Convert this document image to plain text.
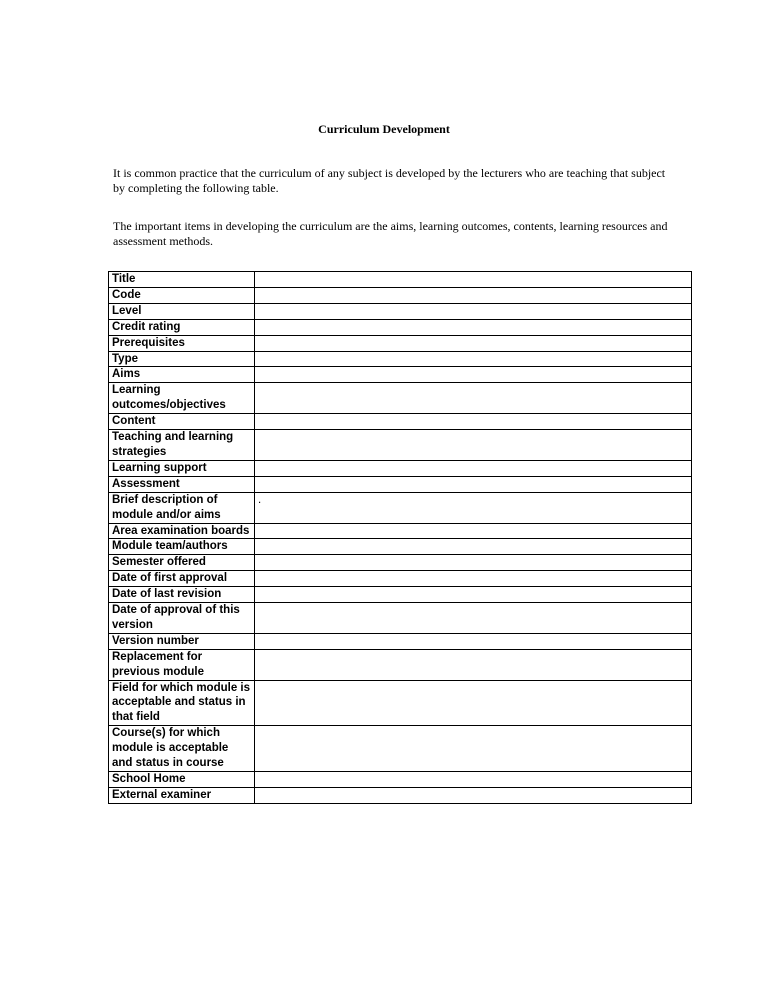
Curriculum Development
It is common practice that the curriculum of any subject is developed by the lecturers who are teaching that subject by completing the following table.
The important items in developing the curriculum are the aims, learning outcomes, contents, learning resources and assessment methods.
Title	
Code	
Level	
Credit rating	
Prerequisites	
Type	
Aims	
Learning outcomes/objectives	
Content	
Teaching and learning strategies	
Learning support	
Assessment	
Brief description of module and/or aims	.
Area examination boards	
Module team/authors	
Semester offered	
Date of first approval	
Date of last revision	
Date of approval of this version	
Version number	
Replacement for previous module	
Field for which module is acceptable and status in that field	
Course(s) for which module is acceptable and status in course	
School Home	
External examiner	
